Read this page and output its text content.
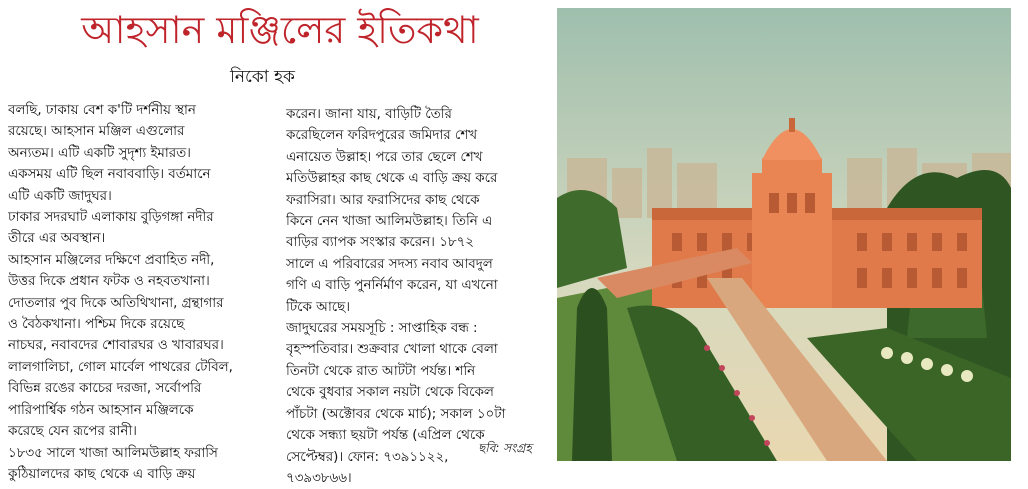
আহসান মঞ্জিলের ইতিকথা
নিকো হক

বলছি, ঢাকায় বেশ ক'টি দর্শনীয় স্থান

রয়েছে। আহসান মঞ্জিল এগুলোর

অন্যতম। এটি একটি সুদৃশ্য ইমারত।

একসময় এটি ছিল নবাববাড়ি। বর্তমানে

এটি একটি জাদুঘর।

ঢাকার সদরঘাট এলাকায় বুড়িগঙ্গা নদীর

তীরে এর অবস্থান।

আহসান মঞ্জিলের দক্ষিণে প্রবাহিত নদী,

উত্তর দিকে প্রধান ফটক ও নহবতখানা।

দোতলার পুব দিকে অতিথিখানা, গ্রন্থাগার

ও বৈঠকখানা। পশ্চিম দিকে রয়েছে

নাচঘর, নবাবদের শোবারঘর ও খাবারঘর।

লালগালিচা, গোল মার্বেল পাথরের টেবিল,

বিভিন্ন রঙের কাচের দরজা, সর্বোপরি

পারিপার্শ্বিক গঠন আহসান মঞ্জিলকে

করেছে যেন রূপের রানী।

১৮৩৫ সালে খাজা আলিমউল্লাহ ফরাসি

কুঠিয়ালদের কাছ থেকে এ বাড়ি ক্রয়

করেন। জানা যায়, বাড়িটি তৈরি

করেছিলেন ফরিদপুরের জমিদার শেখ

এনায়েত উল্লাহ। পরে তার ছেলে শেখ

মতিউল্লাহর কাছ থেকে এ বাড়ি ক্রয় করে

ফরাসিরা। আর ফরাসিদের কাছ থেকে

কিনে নেন খাজা আলিমউল্লাহ। তিনি এ

বাড়ির ব্যাপক সংস্কার করেন। ১৮৭২

সালে এ পরিবারের সদস্য নবাব আবদুল

গণি এ বাড়ি পুনর্নির্মাণ করেন, যা এখনো

টিকে আছে।

জাদুঘরের সময়সূচি : সাপ্তাহিক বন্ধ :

বৃহস্পতিবার। শুক্রবার খোলা থাকে বেলা

তিনটা থেকে রাত আটটা পর্যন্ত। শনি

থেকে বুধবার সকাল নয়টা থেকে বিকেল

পাঁচটা (অক্টোবর থেকে মার্চ); সকাল ১০টা

থেকে সন্ধ্যা ছয়টা পর্যন্ত (এপ্রিল থেকে

সেপ্টেম্বর)। ফোন: ৭৩৯১১২২,

৭৩৯৩৮৬৬।

ছবি: সংগ্রহ
